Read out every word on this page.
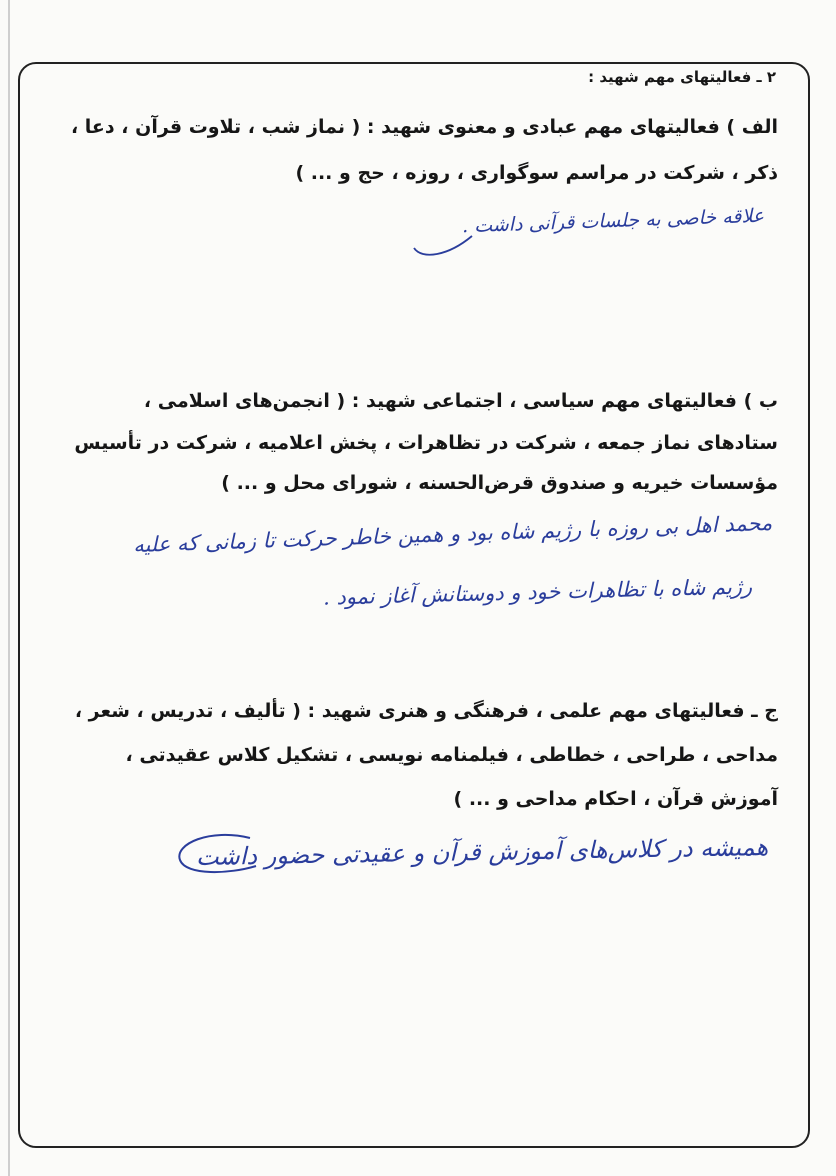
۲ ـ فعالیتهای مهم شهید :

الف ) فعالیتهای مهم عبادی و معنوی شهید : ( نماز شب ، تلاوت قرآن ، دعا ،

ذکر ، شرکت در مراسم سوگواری ، روزه ، حج و ... )

علاقه خاصی به جلسات قرآنی داشت .

ب ) فعالیتهای مهم سیاسی ، اجتماعی شهید : ( انجمن‌های اسلامی ،

ستادهای نماز جمعه ، شرکت در تظاهرات ، پخش اعلامیه ، شرکت در تأسیس

مؤسسات خیریه و صندوق قرض‌الحسنه ، شورای محل و ... )

محمد اهل بی روزه با رژیم شاه بود و همین خاطر حرکت تا زمانی که علیه

رژیم شاه با تظاهرات خود و دوستانش آغاز نمود .

ج ـ فعالیتهای مهم علمی ، فرهنگی و هنری شهید : ( تألیف ، تدریس ، شعر ،

مداحی ، طراحی ، خطاطی ، فیلمنامه نویسی ، تشکیل کلاس عقیدتی ،

آموزش قرآن ، احکام مداحی و ... )

همیشه در کلاس‌های آموزش قرآن و عقیدتی حضور داشت
